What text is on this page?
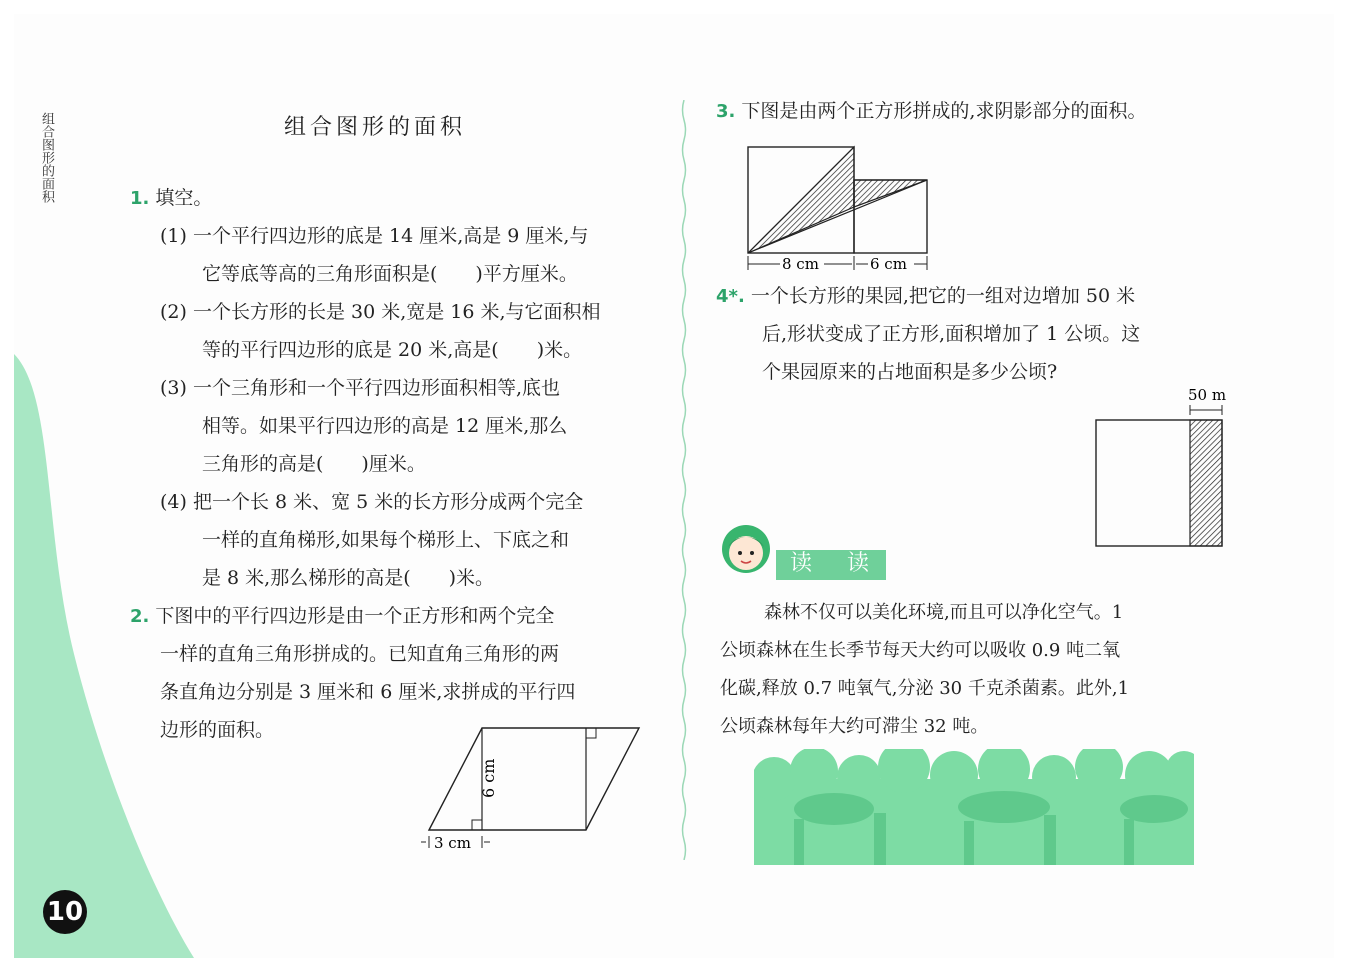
组合图形的面积
10
组合图形的面积
1. 填空。
(1) 一个平行四边形的底是 14 厘米,高是 9 厘米,与
它等底等高的三角形面积是(　　)平方厘米。
(2) 一个长方形的长是 30 米,宽是 16 米,与它面积相
等的平行四边形的底是 20 米,高是(　　)米。
(3) 一个三角形和一个平行四边形面积相等,底也
相等。如果平行四边形的高是 12 厘米,那么
三角形的高是(　　)厘米。
(4) 把一个长 8 米、宽 5 米的长方形分成两个完全
一样的直角梯形,如果每个梯形上、下底之和
是 8 米,那么梯形的高是(　　)米。
2. 下图中的平行四边形是由一个正方形和两个完全
一样的直角三角形拼成的。已知直角三角形的两
条直角边分别是 3 厘米和 6 厘米,求拼成的平行四
边形的面积。
6 cm
3 cm
3. 下图是由两个正方形拼成的,求阴影部分的面积。
8 cm	6 cm
4*. 一个长方形的果园,把它的一组对边增加 50 米
后,形状变成了正方形,面积增加了 1 公顷。这
个果园原来的占地面积是多少公顷?
50 m
读 读
森林不仅可以美化环境,而且可以净化空气。1
公顷森林在生长季节每天大约可以吸收 0.9 吨二氧
化碳,释放 0.7 吨氧气,分泌 30 千克杀菌素。此外,1
公顷森林每年大约可滞尘 32 吨。
